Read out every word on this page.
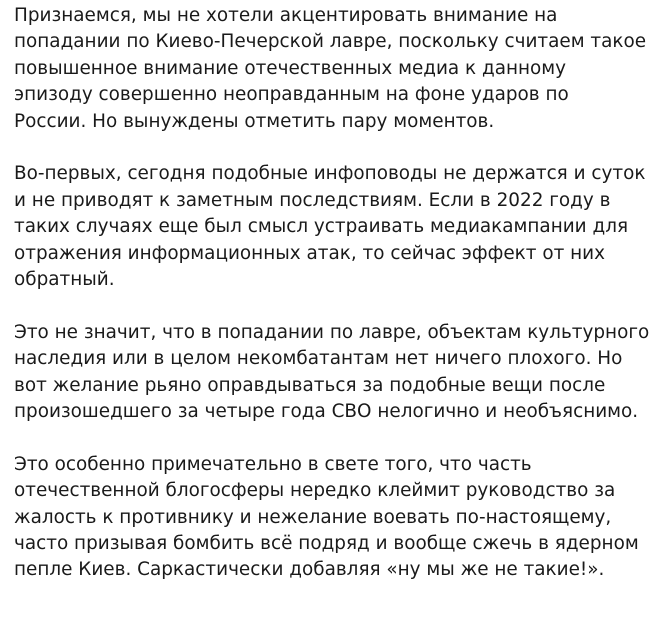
Признаемся, мы не хотели акцентировать внимание на
попадании по Киево-Печерской лавре, поскольку считаем такое
повышенное внимание отечественных медиа к данному
эпизоду совершенно неоправданным на фоне ударов по
России. Но вынуждены отметить пару моментов.

Во-первых, сегодня подобные инфоповоды не держатся и суток
и не приводят к заметным последствиям. Если в 2022 году в
таких случаях еще был смысл устраивать медиакампании для
отражения информационных атак, то сейчас эффект от них
обратный.

Это не значит, что в попадании по лавре, объектам культурного
наследия или в целом некомбатантам нет ничего плохого. Но
вот желание рьяно оправдываться за подобные вещи после
произошедшего за четыре года СВО нелогично и необъяснимо.

Это особенно примечательно в свете того, что часть
отечественной блогосферы нередко клеймит руководство за
жалость к противнику и нежелание воевать по-настоящему,
часто призывая бомбить всё подряд и вообще сжечь в ядерном
пепле Киев. Саркастически добавляя «ну мы же не такие!».
